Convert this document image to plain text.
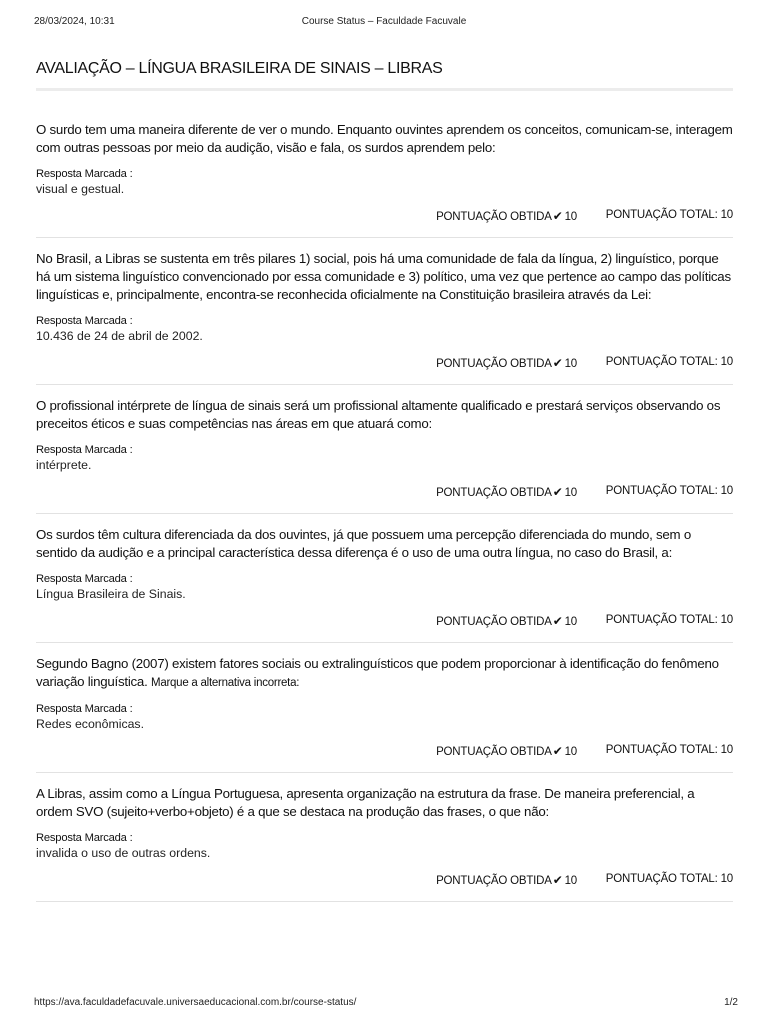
28/03/2024, 10:31	Course Status – Faculdade Facuvale
AVALIAÇÃO – LÍNGUA BRASILEIRA DE SINAIS – LIBRAS

O surdo tem uma maneira diferente de ver o mundo. Enquanto ouvintes aprendem os conceitos, comunicam-se, interagem com outras pessoas por meio da audição, visão e fala, os surdos aprendem pelo:

Resposta Marcada :
visual e gestual.
PONTUAÇÃO OBTIDA✔ 10	PONTUAÇÃO TOTAL: 10

No Brasil, a Libras se sustenta em três pilares 1) social, pois há uma comunidade de fala da língua, 2) linguístico, porque há um sistema linguístico convencionado por essa comunidade e 3) político, uma vez que pertence ao campo das políticas linguísticas e, principalmente, encontra-se reconhecida oficialmente na Constituição brasileira através da Lei:

Resposta Marcada :
10.436 de 24 de abril de 2002.
PONTUAÇÃO OBTIDA✔ 10	PONTUAÇÃO TOTAL: 10

O profissional intérprete de língua de sinais será um profissional altamente qualificado e prestará serviços observando os preceitos éticos e suas competências nas áreas em que atuará como:

Resposta Marcada :
intérprete.
PONTUAÇÃO OBTIDA✔ 10	PONTUAÇÃO TOTAL: 10

Os surdos têm cultura diferenciada da dos ouvintes, já que possuem uma percepção diferenciada do mundo, sem o sentido da audição e a principal característica dessa diferença é o uso de uma outra língua, no caso do Brasil, a:

Resposta Marcada :
Língua Brasileira de Sinais.
PONTUAÇÃO OBTIDA✔ 10	PONTUAÇÃO TOTAL: 10

Segundo Bagno (2007) existem fatores sociais ou extralinguísticos que podem proporcionar à identificação do fenômeno variação linguística. Marque a alternativa incorreta:

Resposta Marcada :
Redes econômicas.
PONTUAÇÃO OBTIDA✔ 10	PONTUAÇÃO TOTAL: 10

A Libras, assim como a Língua Portuguesa, apresenta organização na estrutura da frase. De maneira preferencial, a ordem SVO (sujeito+verbo+objeto) é a que se destaca na produção das frases, o que não:

Resposta Marcada :
invalida o uso de outras ordens.
PONTUAÇÃO OBTIDA✔ 10	PONTUAÇÃO TOTAL: 10
https://ava.faculdadefacuvale.universaeducacional.com.br/course-status/	1/2
